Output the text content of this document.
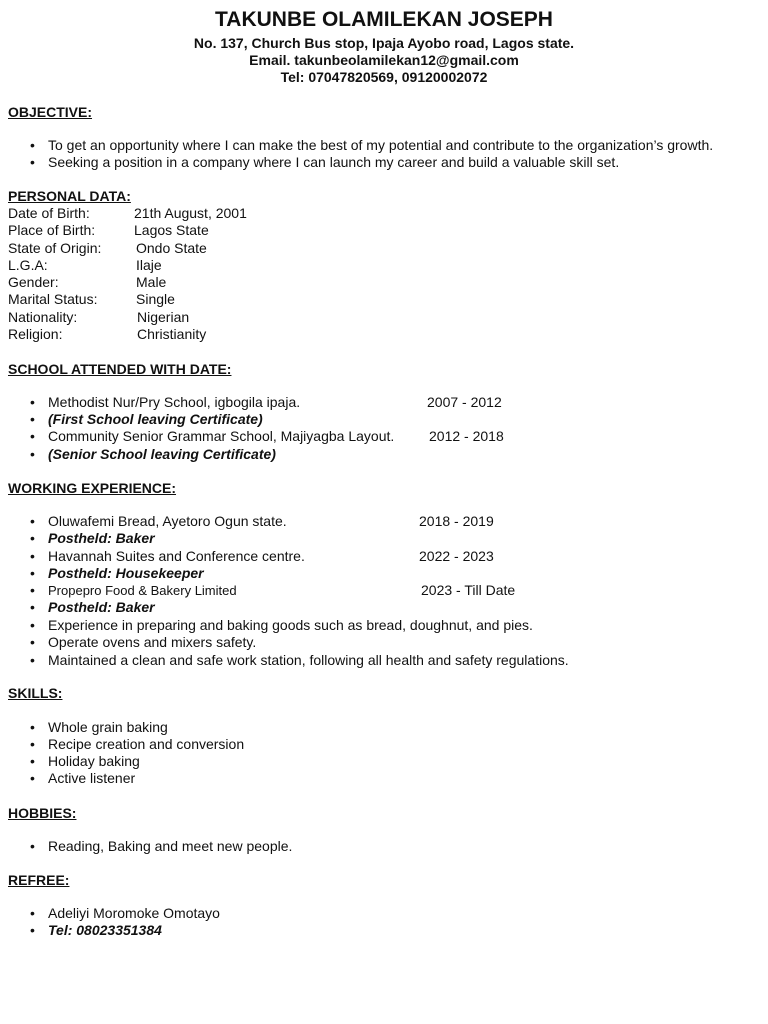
TAKUNBE OLAMILEKAN JOSEPH
No. 137, Church Bus stop, Ipaja Ayobo road, Lagos state.
Email. takunbeolamilekan12@gmail.com
Tel: 07047820569, 09120002072
OBJECTIVE:
• To get an opportunity where I can make the best of my potential and contribute to the organization’s growth.
• Seeking a position in a company where I can launch my career and build a valuable skill set.
PERSONAL DATA:
Date of Birth:	21th August, 2001
Place of Birth:	Lagos State
State of Origin: Ondo State
L.G.A:	Ilaje
Gender:	Male
Marital Status:	Single
Nationality:	Nigerian
Religion:	Christianity
SCHOOL ATTENDED WITH DATE:
• Methodist Nur/Pry School, igbogila ipaja.	2007 - 2012
• (First School leaving Certificate)
• Community Senior Grammar School, Majiyagba Layout. 2012 - 2018
• (Senior School leaving Certificate)
WORKING EXPERIENCE:
• Oluwafemi Bread, Ayetoro Ogun state.	2018 - 2019
• Postheld: Baker
• Havannah Suites and Conference centre.	2022 - 2023
• Postheld: Housekeeper
• Propepro Food & Bakery Limited	2023 - Till Date
• Postheld: Baker
• Experience in preparing and baking goods such as bread, doughnut, and pies.
• Operate ovens and mixers safety.
• Maintained a clean and safe work station, following all health and safety regulations.
SKILLS:
• Whole grain baking
• Recipe creation and conversion
• Holiday baking
• Active listener
HOBBIES:
• Reading, Baking and meet new people.
REFREE:
• Adeliyi Moromoke Omotayo
• Tel: 08023351384
